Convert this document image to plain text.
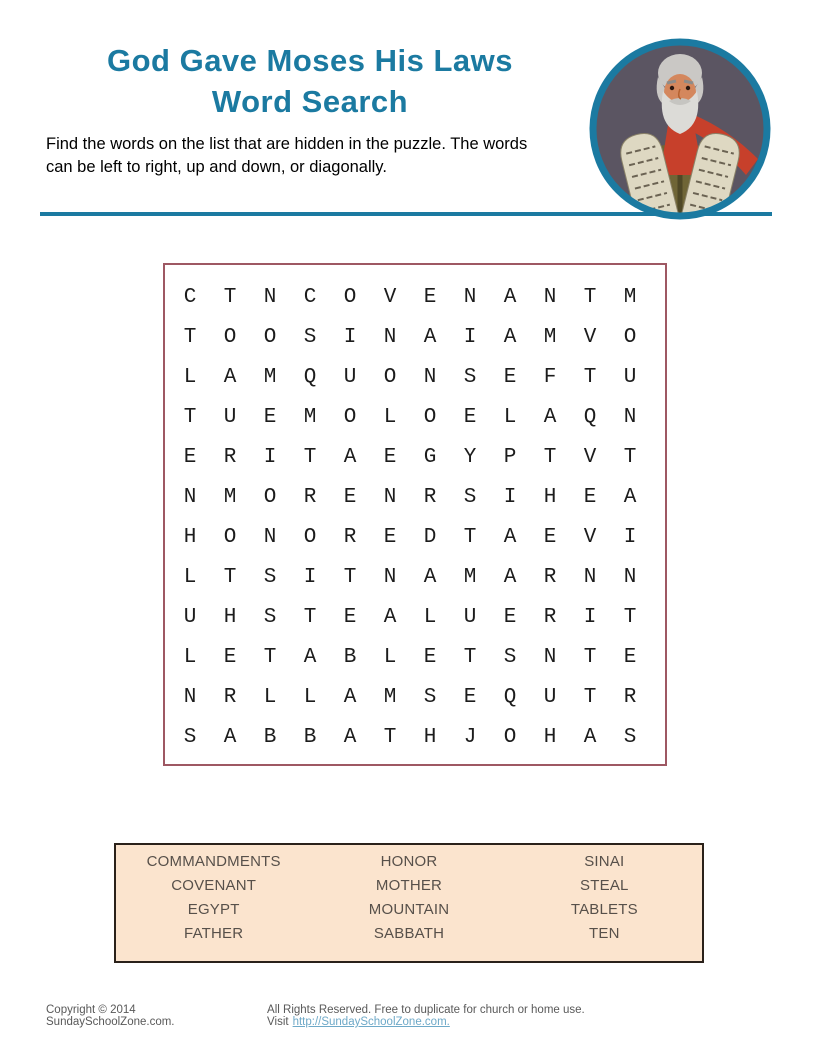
God Gave Moses His Laws
Word Search

Find the words on the list that are hidden in the puzzle. The words can be left to right, up and down, or diagonally.

C	T	N	C	O	V	E	N	A	N	T	M
T	O	O	S	I	N	A	I	A	M	V	O
L	A	M	Q	U	O	N	S	E	F	T	U
T	U	E	M	O	L	O	E	L	A	Q	N
E	R	I	T	A	E	G	Y	P	T	V	T
N	M	O	R	E	N	R	S	I	H	E	A
H	O	N	O	R	E	D	T	A	E	V	I
L	T	S	I	T	N	A	M	A	R	N	N
U	H	S	T	E	A	L	U	E	R	I	T
L	E	T	A	B	L	E	T	S	N	T	E
N	R	L	L	A	M	S	E	Q	U	T	R
S	A	B	B	A	T	H	J	O	H	A	S
COMMANDMENTS
COVENANT
EGYPT
FATHER
HONOR
MOTHER
MOUNTAIN
SABBATH
SINAI
STEAL
TABLETS
TEN
Copyright © 2014 SundaySchoolZone.com.
All Rights Reserved. Free to duplicate for church or home use. Visit http://SundaySchoolZone.com.
